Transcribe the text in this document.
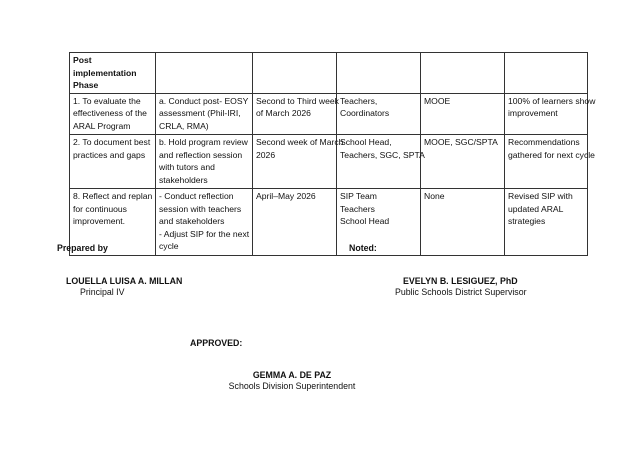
Post implementation Phase					

1. To evaluate the
effectiveness of the
ARAL Program	a. Conduct post- EOSY
assessment (Phil-IRI,
CRLA, RMA)	Second to Third week
of March 2026	Teachers,
Coordinators	MOOE	100% of learners show
improvement

2. To document best
practices and gaps	b. Hold program review
and reflection session
with tutors and
stakeholders	Second week of March
2026	School Head,
Teachers, SGC, SPTA	MOOE, SGC/SPTA	Recommendations
gathered for next cycle

8. Reflect and replan
for continuous
improvement.	- Conduct reflection
session with teachers
and stakeholders
- Adjust SIP for the next
cycle	April–May 2026	SIP Team
Teachers
School Head	None	Revised SIP with
updated ARAL
strategies
Prepared by	Noted:
LOUELLA LUISA A. MILLAN
Principal IV
EVELYN B. LESIGUEZ, PhD
Public Schools District Supervisor
APPROVED:
GEMMA A. DE PAZ
Schools Division Superintendent
